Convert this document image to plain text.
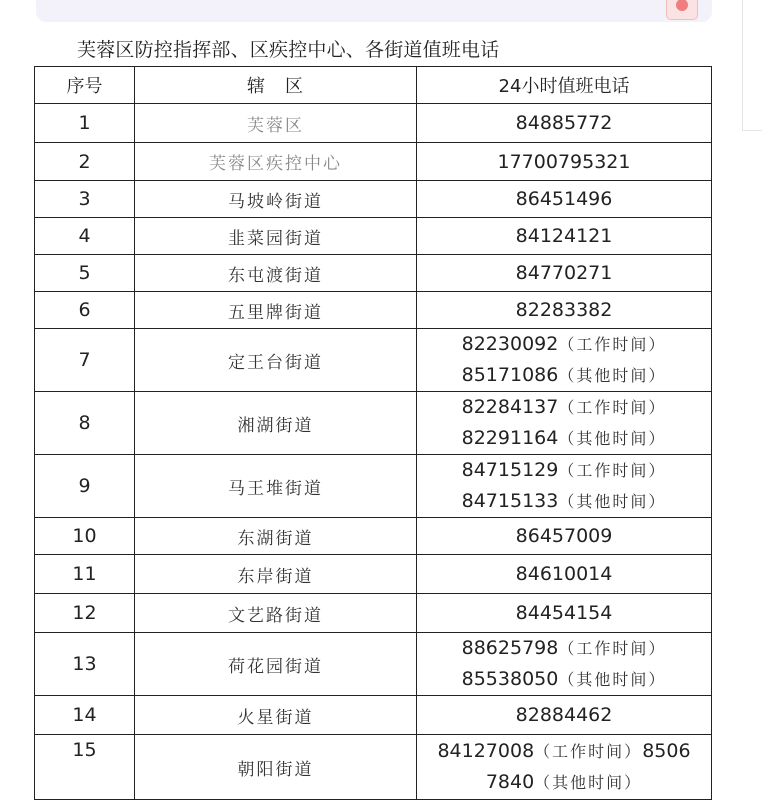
芙蓉区防控指挥部、区疾控中心、各街道值班电话
序号	辖　区	24小时值班电话
1	芙蓉区	84885772
2	芙蓉区疾控中心	17700795321
3	马坡岭街道	86451496
4	韭菜园街道	84124121
5	东屯渡街道	84770271
6	五里牌街道	82283382
7	定王台街道	82230092（工作时间）
85171086（其他时间）

8	湘湖街道	82284137（工作时间）
82291164（其他时间）

9	马王堆街道	84715129（工作时间）
84715133（其他时间）

10	东湖街道	86457009
11	东岸街道	84610014
12	文艺路街道	84454154
13	荷花园街道	88625798（工作时间）
85538050（其他时间）

14	火星街道	82884462
15	朝阳街道	84127008（工作时间）8506
7840（其他时间）
